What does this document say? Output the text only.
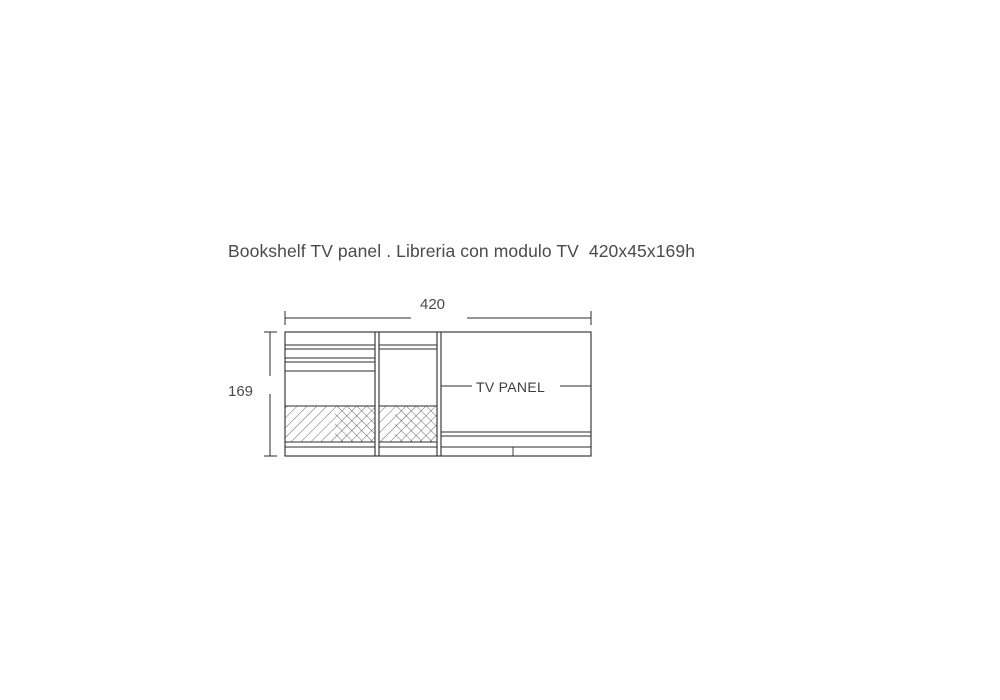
Bookshelf TV panel . Libreria con modulo TV  420x45x169h
420
169	TV PANEL
